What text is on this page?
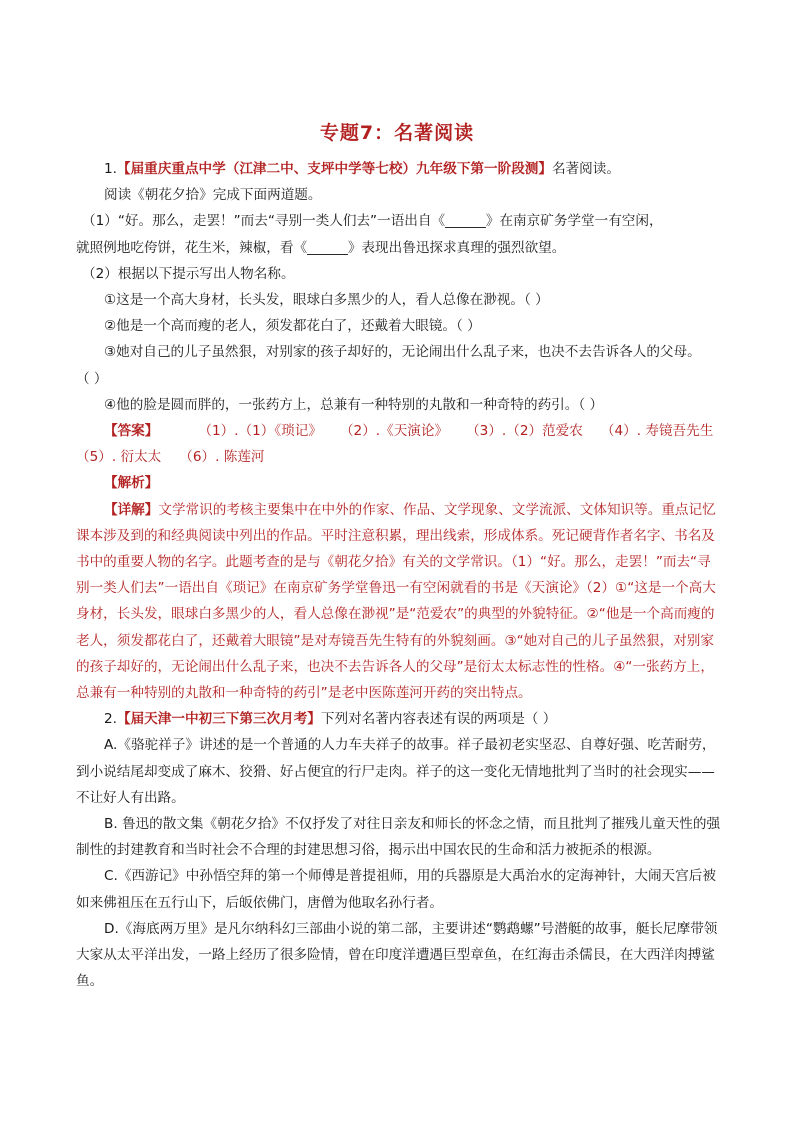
专题7：名著阅读

1.【届重庆重点中学（江津二中、支坪中学等七校）九年级下第一阶段测】名著阅读。

阅读《朝花夕拾》完成下面两道题。

（1）“好。那么，走罢！”而去“寻别一类人们去”一语出自《______》在南京矿务学堂一有空闲，

就照例地吃侉饼，花生米，辣椒，看《______》表现出鲁迅探求真理的强烈欲望。

（2）根据以下提示写出人物名称。

①这是一个高大身材，长头发，眼球白多黑少的人，看人总像在渺视。（ ）

②他是一个高而瘦的老人，须发都花白了，还戴着大眼镜。（ ）

③她对自己的儿子虽然狠，对别家的孩子却好的，无论闹出什么乱子来，也决不去告诉各人的父母。

（ ）

④他的脸是圆而胖的，一张药方上，总兼有一种特别的丸散和一种奇特的药引。（ ）

【答案】	（1）.（1）《琐记》 （2）.《天演论》 （3）.（2）范爱农 （4）. 寿镜吾先生

（5）. 衍太太 （6）. 陈莲河

【解析】

【详解】文学常识的考核主要集中在中外的作家、作品、文学现象、文学流派、文体知识等。重点记忆课本涉及到的和经典阅读中列出的作品。平时注意积累，理出线索，形成体系。死记硬背作者名字、书名及书中的重要人物的名字。此题考查的是与《朝花夕拾》有关的文学常识。（1）“好。那么，走罢！”而去“寻别一类人们去”一语出自《琐记》在南京矿务学堂鲁迅一有空闲就看的书是《天演论》（2）①“这是一个高大身材，长头发，眼球白多黑少的人，看人总像在渺视”是“范爱农”的典型的外貌特征。②“他是一个高而瘦的老人，须发都花白了，还戴着大眼镜”是对寿镜吾先生特有的外貌刻画。③“她对自己的儿子虽然狠，对别家的孩子却好的，无论闹出什么乱子来，也决不去告诉各人的父母”是衍太太标志性的性格。④“一张药方上，总兼有一种特别的丸散和一种奇特的药引”是老中医陈莲河开药的突出特点。

2.【届天津一中初三下第三次月考】下列对名著内容表述有误的两项是（ ）

A.《骆驼祥子》讲述的是一个普通的人力车夫祥子的故事。祥子最初老实坚忍、自尊好强、吃苦耐劳，到小说结尾却变成了麻木、狡猾、好占便宜的行尸走肉。祥子的这一变化无情地批判了当时的社会现实——不让好人有出路。

B. 鲁迅的散文集《朝花夕拾》不仅抒发了对往日亲友和师长的怀念之情，而且批判了摧残儿童天性的强制性的封建教育和当时社会不合理的封建思想习俗，揭示出中国农民的生命和活力被扼杀的根源。

C.《西游记》中孙悟空拜的第一个师傅是普提祖师，用的兵器原是大禹治水的定海神针，大闹天宫后被如来佛祖压在五行山下，后皈依佛门，唐僧为他取名孙行者。

D.《海底两万里》是凡尔纳科幻三部曲小说的第二部，主要讲述“鹦鹉螺”号潜艇的故事，艇长尼摩带领大家从太平洋出发，一路上经历了很多险情，曾在印度洋遭遇巨型章鱼，在红海击杀儒艮，在大西洋肉搏鲨鱼。
